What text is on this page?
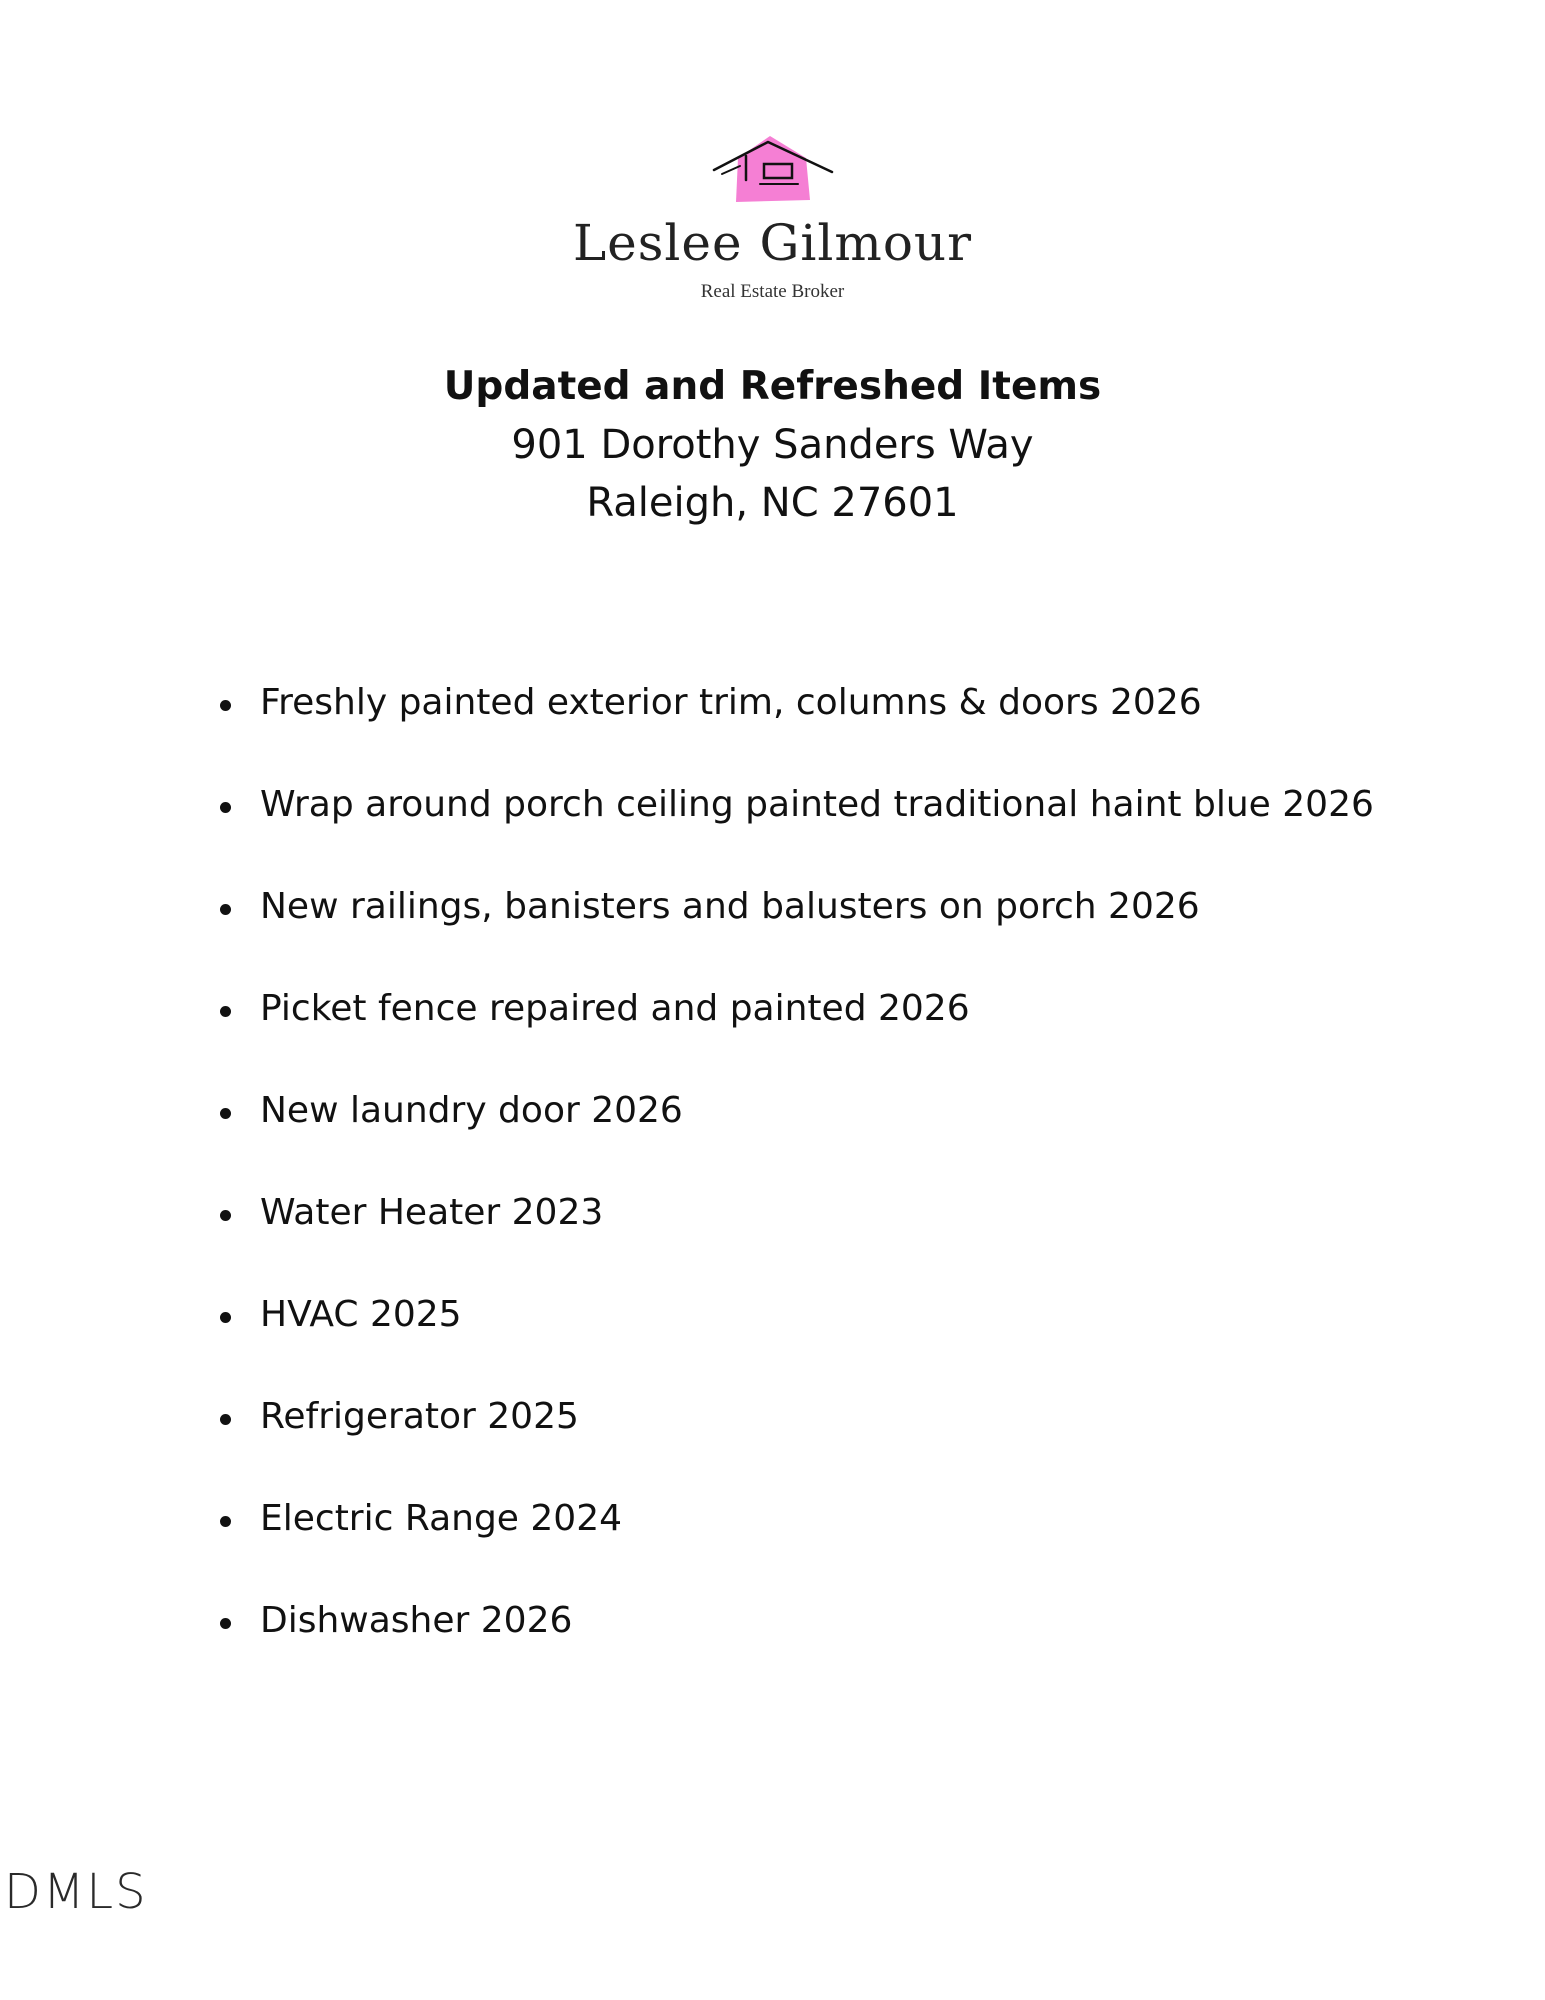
Leslee Gilmour
Real Estate Broker

Updated and Refreshed Items

901 Dorothy Sanders Way

Raleigh, NC 27601

Freshly painted exterior trim, columns & doors 2026
Wrap around porch ceiling painted traditional haint blue 2026
New railings, banisters and balusters on porch 2026
Picket fence repaired and painted 2026
New laundry door 2026
Water Heater 2023
HVAC 2025
Refrigerator 2025
Electric Range 2024
Dishwasher 2026
DMLS
